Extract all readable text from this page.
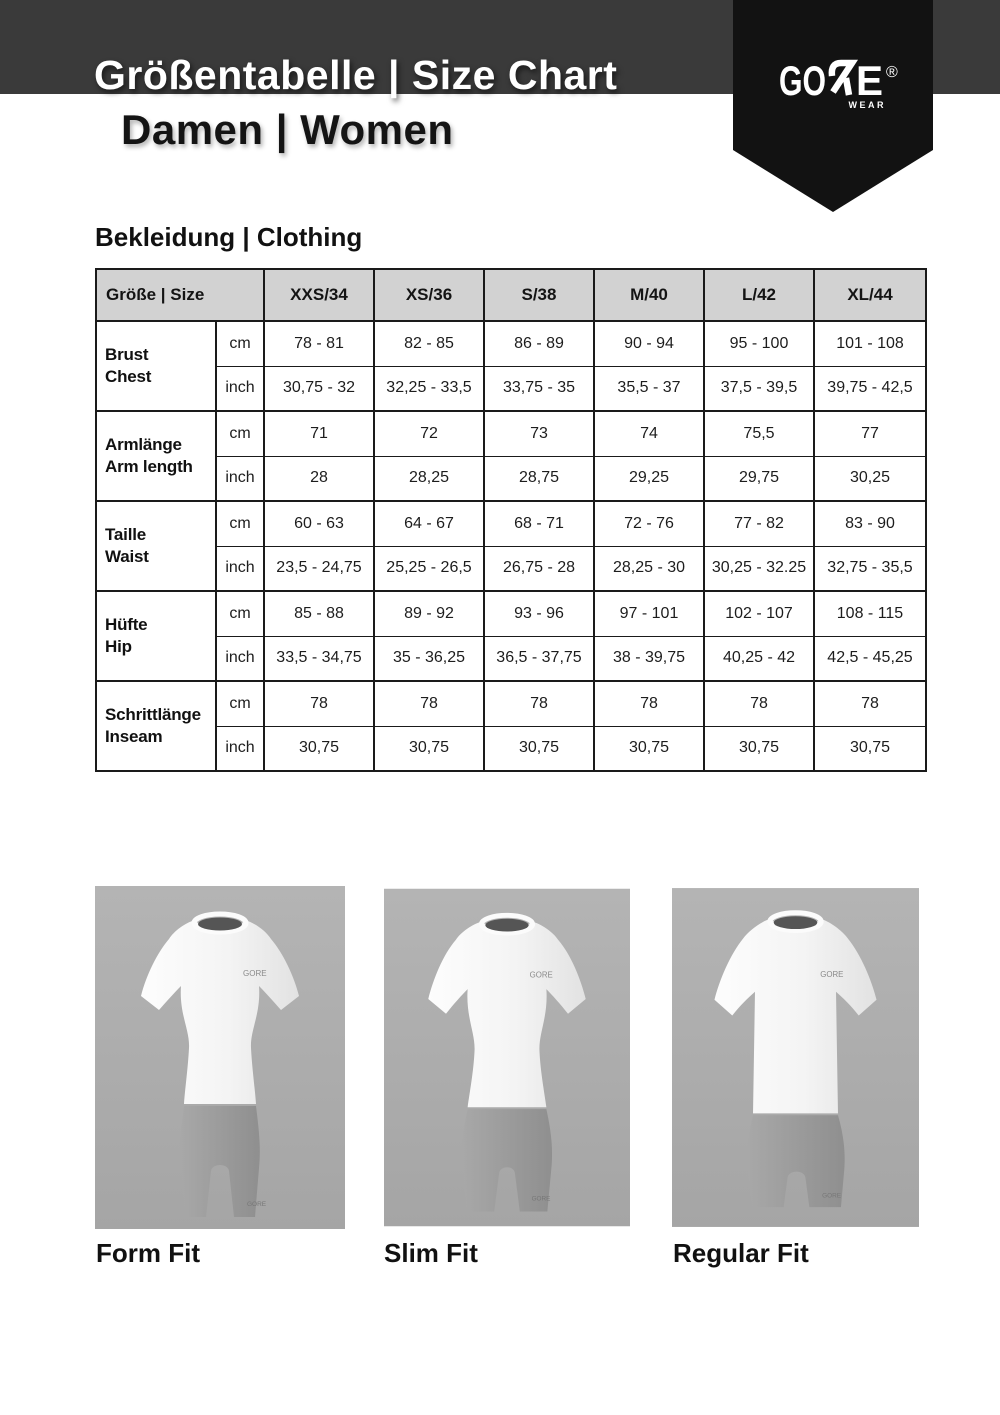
Größentabelle | Size Chart
Damen | Women
GO E ®
WEAR
Bekleidung | Clothing
Größe | Size		XXS/34	XS/36	S/38	M/40	L/42	XL/44

Brust
Chest	cm	78 - 81	82 - 85	86 - 89	90 - 94	95 - 100	101 - 108
	inch	30,75 - 32	32,25 - 33,5	33,75 - 35	35,5 - 37	37,5 - 39,5	39,75 - 42,5

Armlänge
Arm length	cm	71	72	73	74	75,5	77
	inch	28	28,25	28,75	29,25	29,75	30,25

Taille
Waist	cm	60 - 63	64 - 67	68 - 71	72 - 76	77 - 82	83 - 90
	inch	23,5 - 24,75	25,25 - 26,5	26,75 - 28	28,25 - 30	30,25 - 32.25	32,75 - 35,5

Hüfte
Hip	cm	85 - 88	89 - 92	93 - 96	97 - 101	102 - 107	108 - 115
	inch	33,5 - 34,75	35 - 36,25	36,5 - 37,75	38 - 39,75	40,25 - 42	42,5 - 45,25

Schrittlänge
Inseam	cm	78	78	78	78	78	78
	inch	30,75	30,75	30,75	30,75	30,75	30,75
GORE
GORE
GORE
GORE
GORE
GORE
Form Fit	Slim Fit	Regular Fit
